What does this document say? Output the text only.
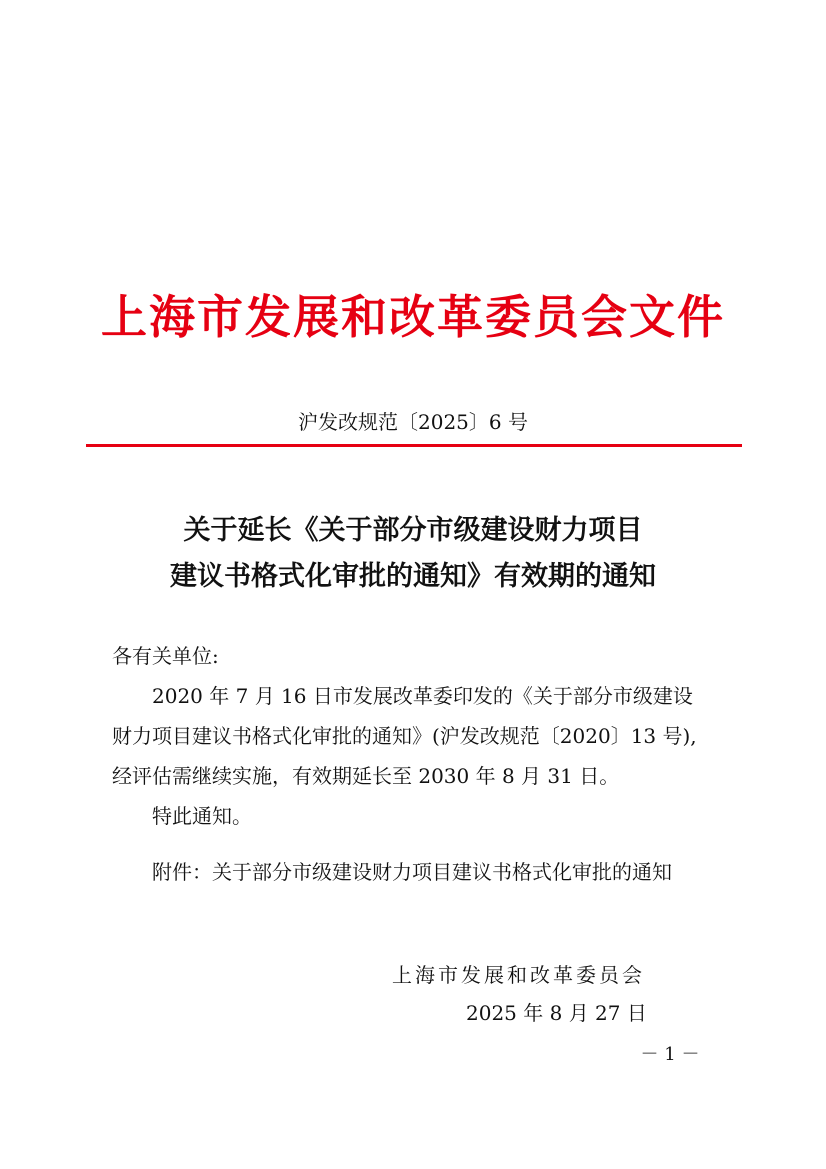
上海市发展和改革委员会文件
沪发改规范〔2025〕6 号
关于延长《关于部分市级建设财力项目
建议书格式化审批的通知》有效期的通知
各有关单位:
2020 年 7 月 16 日市发展改革委印发的《关于部分市级建设
财力项目建议书格式化审批的通知》(沪发改规范〔2020〕13 号),
经评估需继续实施，有效期延长至 2030 年 8 月 31 日。
特此通知。
附件：关于部分市级建设财力项目建议书格式化审批的通知
上海市发展和改革委员会
2025 年 8 月 27 日
－ 1 －
